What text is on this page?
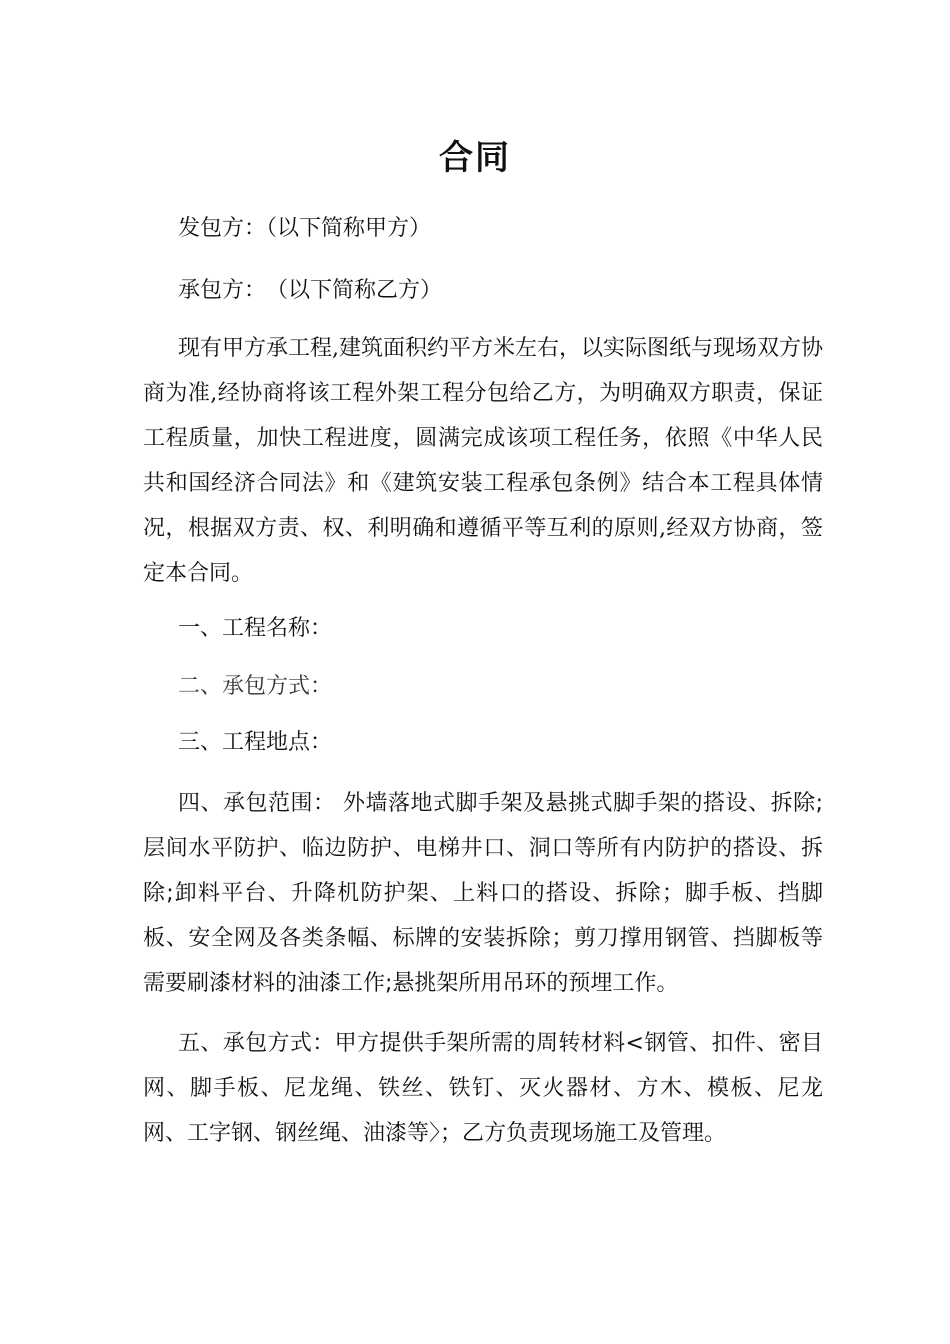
合同
发包方：（以下简称甲方）
承包方：　（以下简称乙方）
现有甲方承工程,建筑面积约平方米左右，以实际图纸与现场双方协商为准,经协商将该工程外架工程分包给乙方，为明确双方职责，保证工程质量，加快工程进度，圆满完成该项工程任务，依照《中华人民共和国经济合同法》和《建筑安装工程承包条例》结合本工程具体情况，根据双方责、权、利明确和遵循平等互利的原则,经双方协商，签定本合同。
一、工程名称：
二、承包方式：
三、工程地点：
四、承包范围： 外墙落地式脚手架及悬挑式脚手架的搭设、拆除;层间水平防护、临边防护、电梯井口、洞口等所有内防护的搭设、拆除;卸料平台、升降机防护架、上料口的搭设、拆除；脚手板、挡脚板、安全网及各类条幅、标牌的安装拆除；剪刀撑用钢管、挡脚板等需要刷漆材料的油漆工作;悬挑架所用吊环的预埋工作。
五、承包方式：甲方提供手架所需的周转材料<钢管、扣件、密目网、脚手板、尼龙绳、铁丝、铁钉、灭火器材、方木、模板、尼龙网、工字钢、钢丝绳、油漆等〉；乙方负责现场施工及管理。
